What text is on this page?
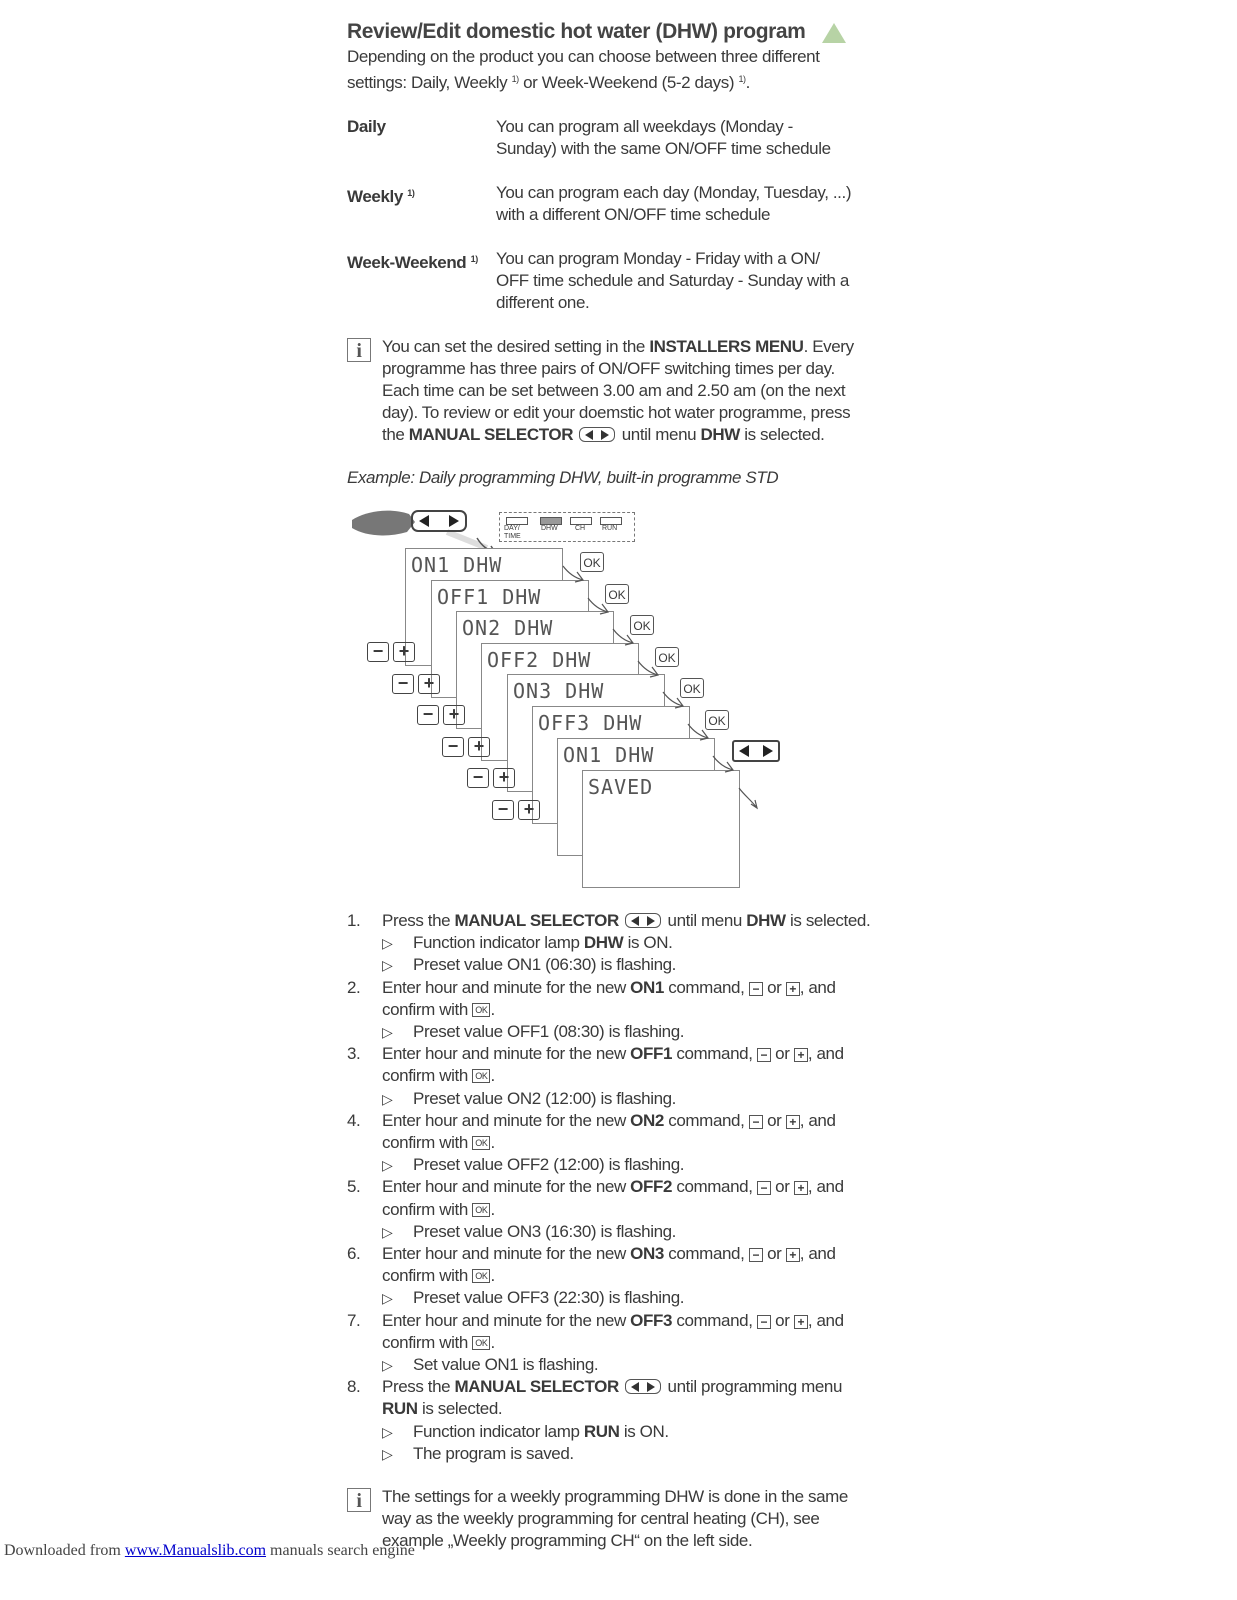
Review/Edit domestic hot water (DHW) program

Depending on the product you can choose between three different
settings: Daily, Weekly $^{1)}$ or Week-Weekend (5-2 days) $^{1)}$.

Daily	You can program all weekdays (Monday - Sunday) with the same ON/OFF time schedule
Weekly $^{1)}$	You can program each day (Monday, Tuesday, ...) with a different ON/OFF time schedule
Week-Weekend $^{1)}$	You can program Monday - Friday with a ON/ OFF time schedule and Saturday - Sunday with a different one.
i	You can set the desired setting in the INSTALLERS MENU. Every programme has three pairs of ON/OFF switching times per day. Each time can be set between 3.00 am and 2.50 am (on the next day). To review or edit your doemstic hot water programme, press the MANUAL SELECTOR	until menu DHW is selected.

Example: Daily programming DHW, built-in programme STD

DAY/ TIME
DHW CH RUN
ON1 DHW
OFF1 DHW
ON2 DHW
OFF2 DHW
ON3 DHW
OFF3 DHW
ON1 DHW
SAVED
OK
OK
OK
OK
OK
OK
− +
− +
− +
− +
− +
− +
1.	Press the MANUAL SELECTOR	until menu DHW is selected.
▷	Function indicator lamp DHW is ON.
▷	Preset value ON1 (06:30) is flashing.
2.	Enter hour and minute for the new ON1 command, − or + , and confirm with OK .
▷	Preset value OFF1 (08:30) is flashing.
3.	Enter hour and minute for the new OFF1 command, − or + , and confirm with OK .
▷	Preset value ON2 (12:00) is flashing.
4.	Enter hour and minute for the new ON2 command, − or + , and confirm with OK .
▷	Preset value OFF2 (12:00) is flashing.
5.	Enter hour and minute for the new OFF2 command, − or + , and confirm with OK .
▷	Preset value ON3 (16:30) is flashing.
6.	Enter hour and minute for the new ON3 command, − or + , and confirm with OK .
▷	Preset value OFF3 (22:30) is flashing.
7.	Enter hour and minute for the new OFF3 command, − or + , and confirm with OK .
▷	Set value ON1 is flashing.
8.	Press the MANUAL SELECTOR	until programming menu RUN is selected.
▷	Function indicator lamp RUN is ON.
▷	The program is saved.
i	The settings for a weekly programming DHW is done in the same way as the weekly programming for central heating (CH), see example „Weekly programming CH“ on the left side.
Downloaded from www.Manualslib.com manuals search engine
